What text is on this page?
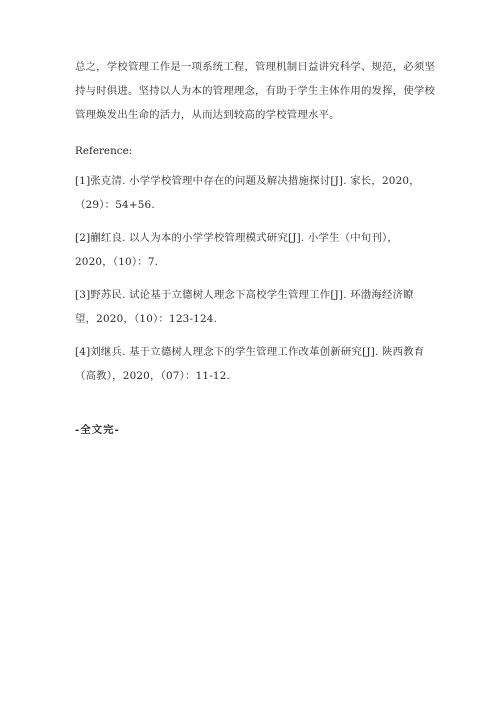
总之，学校管理工作是一项系统工程，管理机制日益讲究科学、规范，必须坚
持与时俱进。坚持以人为本的管理理念，有助于学生主体作用的发挥，使学校
管理焕发出生命的活力，从而达到较高的学校管理水平。
Reference:
[1]张克清. 小学学校管理中存在的问题及解决措施探讨[J]. 家长，2020，
（29）：54+56.
[2]蒯红良. 以人为本的小学学校管理模式研究[J]. 小学生（中旬刊），
2020，（10）：7.
[3]野苏民. 试论基于立德树人理念下高校学生管理工作[J]. 环渤海经济瞭
望，2020，（10）：123-124.
[4]刘继兵. 基于立德树人理念下的学生管理工作改革创新研究[J]. 陕西教育
（高教），2020，（07）：11-12.
-全文完-
